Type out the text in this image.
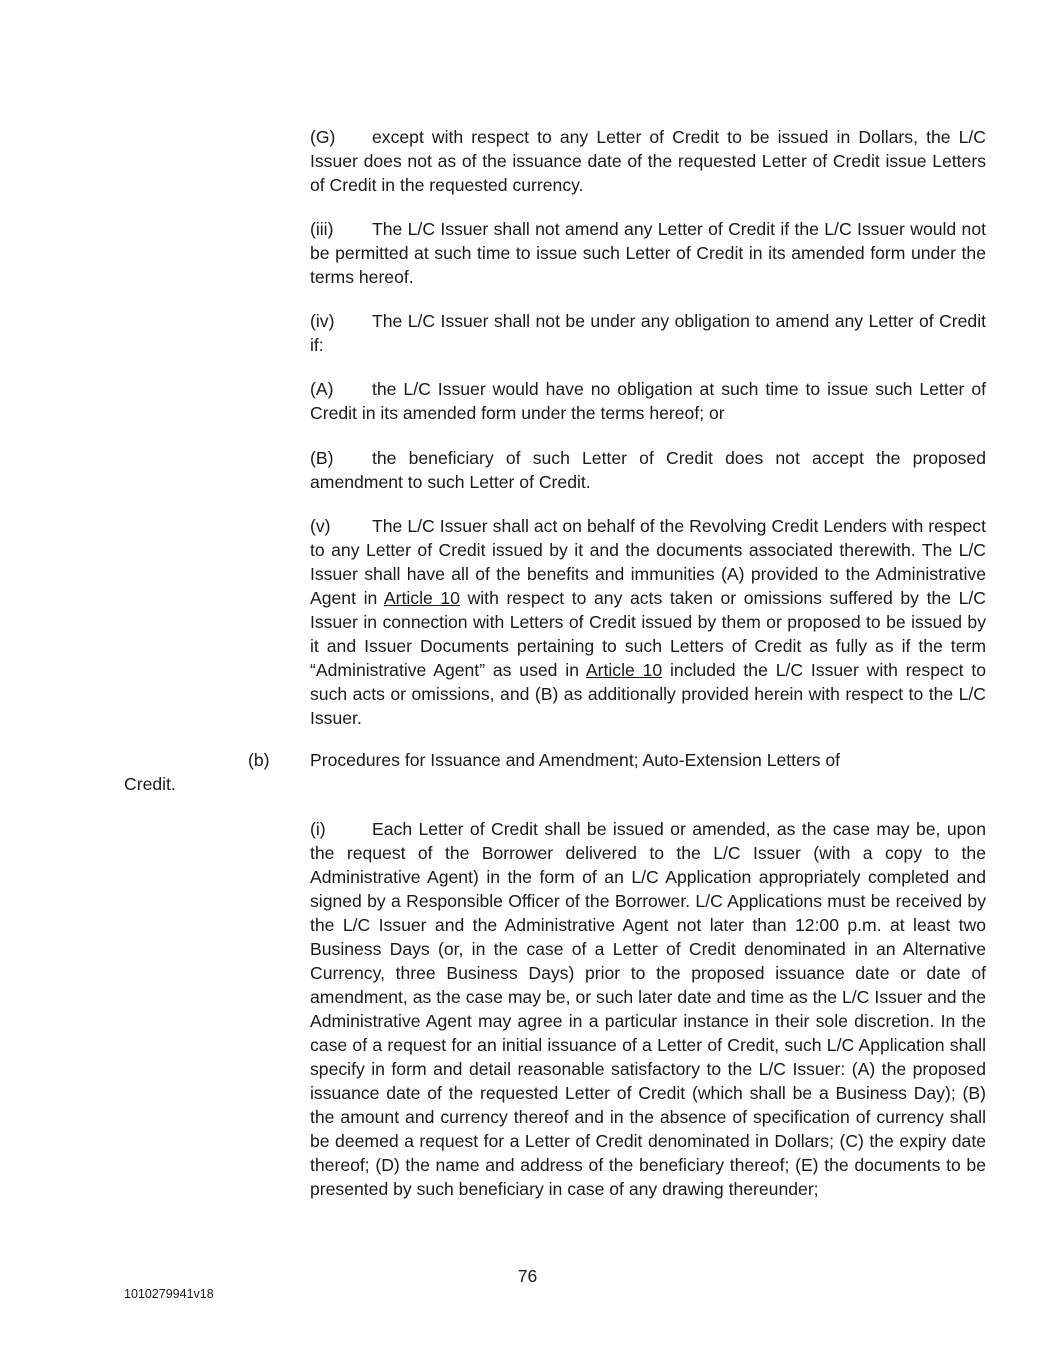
(G) except with respect to any Letter of Credit to be issued in Dollars, the L/C Issuer does not as of the issuance date of the requested Letter of Credit issue Letters of Credit in the requested currency.

(iii) The L/C Issuer shall not amend any Letter of Credit if the L/C Issuer would not be permitted at such time to issue such Letter of Credit in its amended form under the terms hereof.

(iv) The L/C Issuer shall not be under any obligation to amend any Letter of Credit if:

(A) the L/C Issuer would have no obligation at such time to issue such Letter of Credit in its amended form under the terms hereof; or

(B) the beneficiary of such Letter of Credit does not accept the proposed amendment to such Letter of Credit.

(v) The L/C Issuer shall act on behalf of the Revolving Credit Lenders with respect to any Letter of Credit issued by it and the documents associated therewith. The L/C Issuer shall have all of the benefits and immunities (A) provided to the Administrative Agent in Article 10 with respect to any acts taken or omissions suffered by the L/C Issuer in connection with Letters of Credit issued by them or proposed to be issued by it and Issuer Documents pertaining to such Letters of Credit as fully as if the term “Administrative Agent” as used in Article 10 included the L/C Issuer with respect to such acts or omissions, and (B) as additionally provided herein with respect to the L/C Issuer.

(b) Procedures for Issuance and Amendment; Auto-Extension Letters of

Credit.

(i)	Each Letter of Credit shall be issued or amended, as the case may be, upon the request of the Borrower delivered to the L/C Issuer (with a copy to the Administrative Agent) in the form of an L/C Application appropriately completed and signed by a Responsible Officer of the Borrower. L/C Applications must be received by the L/C Issuer and the Administrative Agent not later than 12:00 p.m. at least two Business Days (or, in the case of a Letter of Credit denominated in an Alternative Currency, three Business Days) prior to the proposed issuance date or date of amendment, as the case may be, or such later date and time as the L/C Issuer and the Administrative Agent may agree in a particular instance in their sole discretion. In the case of a request for an initial issuance of a Letter of Credit, such L/C Application shall specify in form and detail reasonable satisfactory to the L/C Issuer: (A) the proposed issuance date of the requested Letter of Credit (which shall be a Business Day); (B) the amount and currency thereof and in the absence of specification of currency shall be deemed a request for a Letter of Credit denominated in Dollars; (C) the expiry date thereof; (D) the name and address of the beneficiary thereof; (E) the documents to be presented by such beneficiary in case of any drawing thereunder;

76
1010279941v18
